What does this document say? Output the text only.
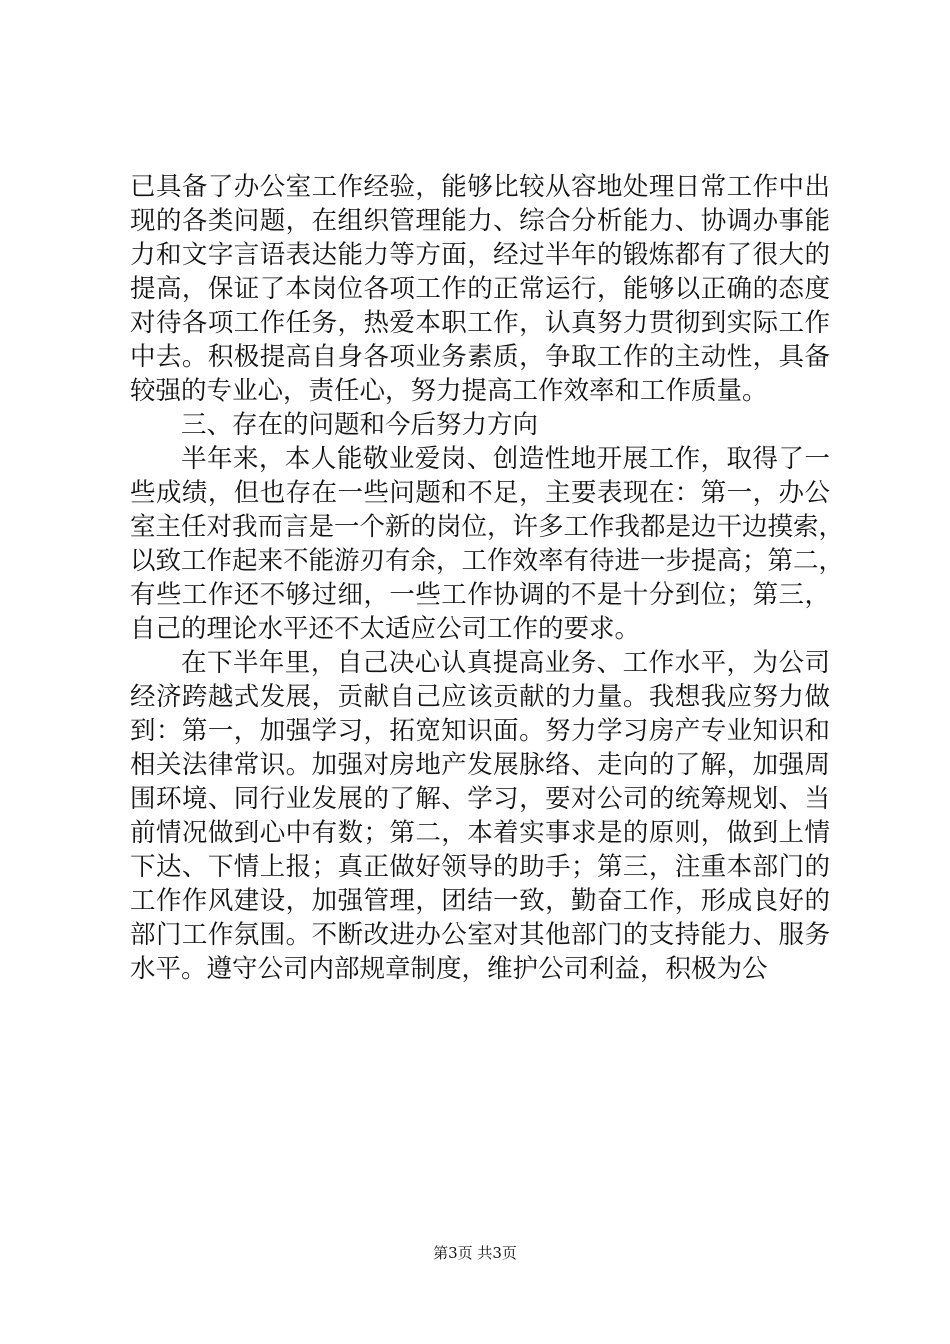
已具备了办公室工作经验，能够比较从容地处理日常工作中出
现的各类问题，在组织管理能力、综合分析能力、协调办事能
力和文字言语表达能力等方面，经过半年的锻炼都有了很大的
提高，保证了本岗位各项工作的正常运行，能够以正确的态度
对待各项工作任务，热爱本职工作，认真努力贯彻到实际工作
中去。积极提高自身各项业务素质，争取工作的主动性，具备
较强的专业心，责任心，努力提高工作效率和工作质量。
三、存在的问题和今后努力方向
半年来，本人能敬业爱岗、创造性地开展工作，取得了一
些成绩，但也存在一些问题和不足，主要表现在：第一，办公
室主任对我而言是一个新的岗位，许多工作我都是边干边摸索，
以致工作起来不能游刃有余，工作效率有待进一步提高；第二，
有些工作还不够过细，一些工作协调的不是十分到位；第三，
自己的理论水平还不太适应公司工作的要求。
在下半年里，自己决心认真提高业务、工作水平，为公司
经济跨越式发展，贡献自己应该贡献的力量。我想我应努力做
到：第一，加强学习，拓宽知识面。努力学习房产专业知识和
相关法律常识。加强对房地产发展脉络、走向的了解，加强周
围环境、同行业发展的了解、学习，要对公司的统筹规划、当
前情况做到心中有数；第二，本着实事求是的原则，做到上情
下达、下情上报；真正做好领导的助手；第三，注重本部门的
工作作风建设，加强管理，团结一致，勤奋工作，形成良好的
部门工作氛围。不断改进办公室对其他部门的支持能力、服务
水平。遵守公司内部规章制度，维护公司利益，积极为公
第3页 共3页
